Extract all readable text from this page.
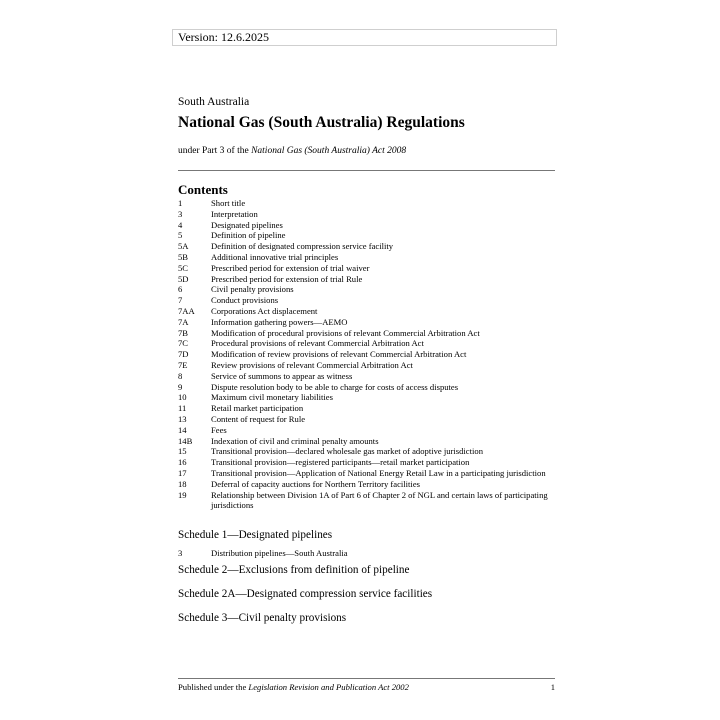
Version: 12.6.2025
South Australia
National Gas (South Australia) Regulations
under Part 3 of the National Gas (South Australia) Act 2008
Contents
1	Short title
3	Interpretation
4	Designated pipelines
5	Definition of pipeline
5A	Definition of designated compression service facility
5B	Additional innovative trial principles
5C	Prescribed period for extension of trial waiver
5D	Prescribed period for extension of trial Rule
6	Civil penalty provisions
7	Conduct provisions
7AA	Corporations Act displacement
7A	Information gathering powers—AEMO
7B	Modification of procedural provisions of relevant Commercial Arbitration Act
7C	Procedural provisions of relevant Commercial Arbitration Act
7D	Modification of review provisions of relevant Commercial Arbitration Act
7E	Review provisions of relevant Commercial Arbitration Act
8	Service of summons to appear as witness
9	Dispute resolution body to be able to charge for costs of access disputes
10	Maximum civil monetary liabilities
11	Retail market participation
13	Content of request for Rule
14	Fees
14B	Indexation of civil and criminal penalty amounts
15	Transitional provision—declared wholesale gas market of adoptive jurisdiction
16	Transitional provision—registered participants—retail market participation
17	Transitional provision—Application of National Energy Retail Law in a participating jurisdiction
18	Deferral of capacity auctions for Northern Territory facilities
19	Relationship between Division 1A of Part 6 of Chapter 2 of NGL and certain laws of participating jurisdictions
Schedule 1—Designated pipelines
3	Distribution pipelines—South Australia
Schedule 2—Exclusions from definition of pipeline
Schedule 2A—Designated compression service facilities
Schedule 3—Civil penalty provisions
Published under the Legislation Revision and Publication Act 2002	1
